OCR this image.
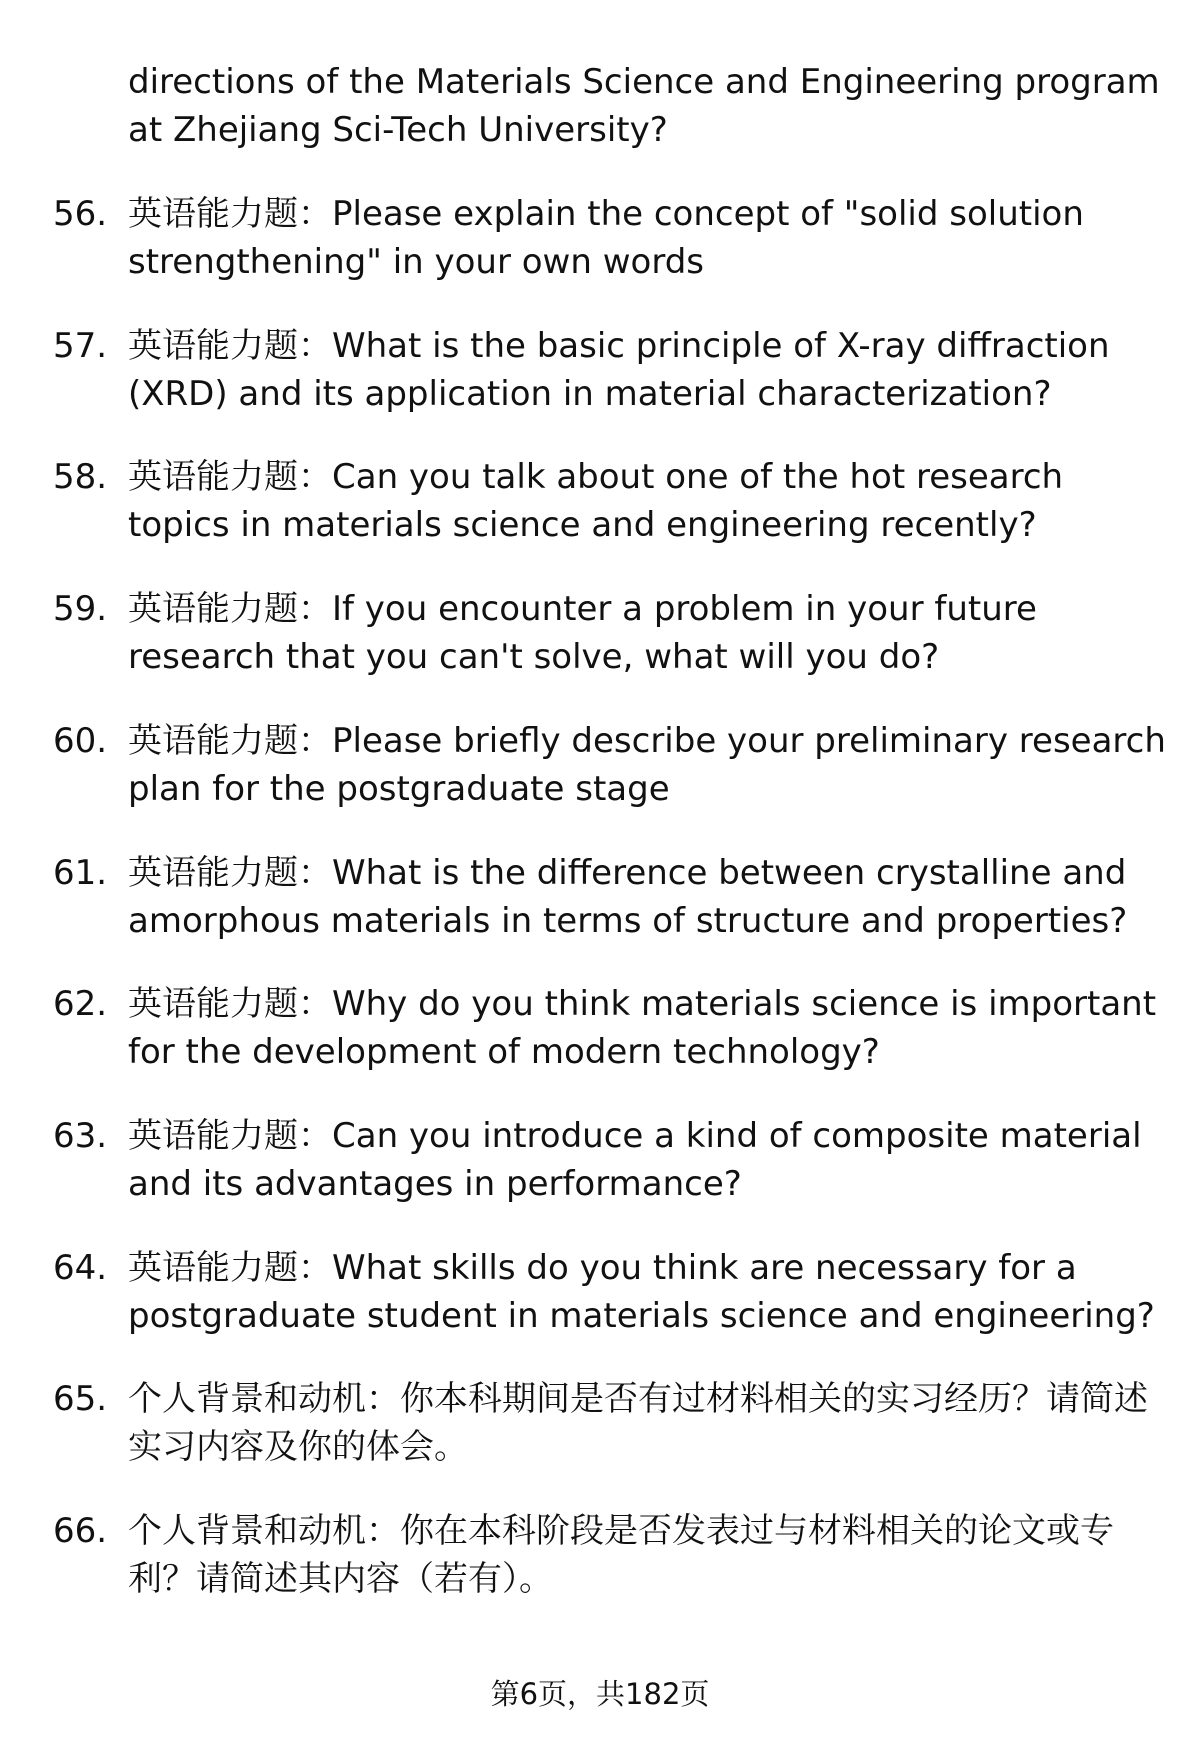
directions of the Materials Science and Engineering program at Zhejiang Sci-Tech University?
56. 英语能力题：Please explain the concept of "solid solution strengthening" in your own words
57. 英语能力题：What is the basic principle of X-ray diffraction (XRD) and its application in material characterization?
58. 英语能力题：Can you talk about one of the hot research topics in materials science and engineering recently?
59. 英语能力题：If you encounter a problem in your future research that you can't solve, what will you do?
60. 英语能力题：Please briefly describe your preliminary research plan for the postgraduate stage
61. 英语能力题：What is the difference between crystalline and amorphous materials in terms of structure and properties?
62. 英语能力题：Why do you think materials science is important for the development of modern technology?
63. 英语能力题：Can you introduce a kind of composite material and its advantages in performance?
64. 英语能力题：What skills do you think are necessary for a postgraduate student in materials science and engineering?
65. 个人背景和动机：你本科期间是否有过材料相关的实习经历？请简述实习内容及你的体会。
66. 个人背景和动机：你在本科阶段是否发表过与材料相关的论文或专利？请简述其内容（若有）。
第6页，共182页
